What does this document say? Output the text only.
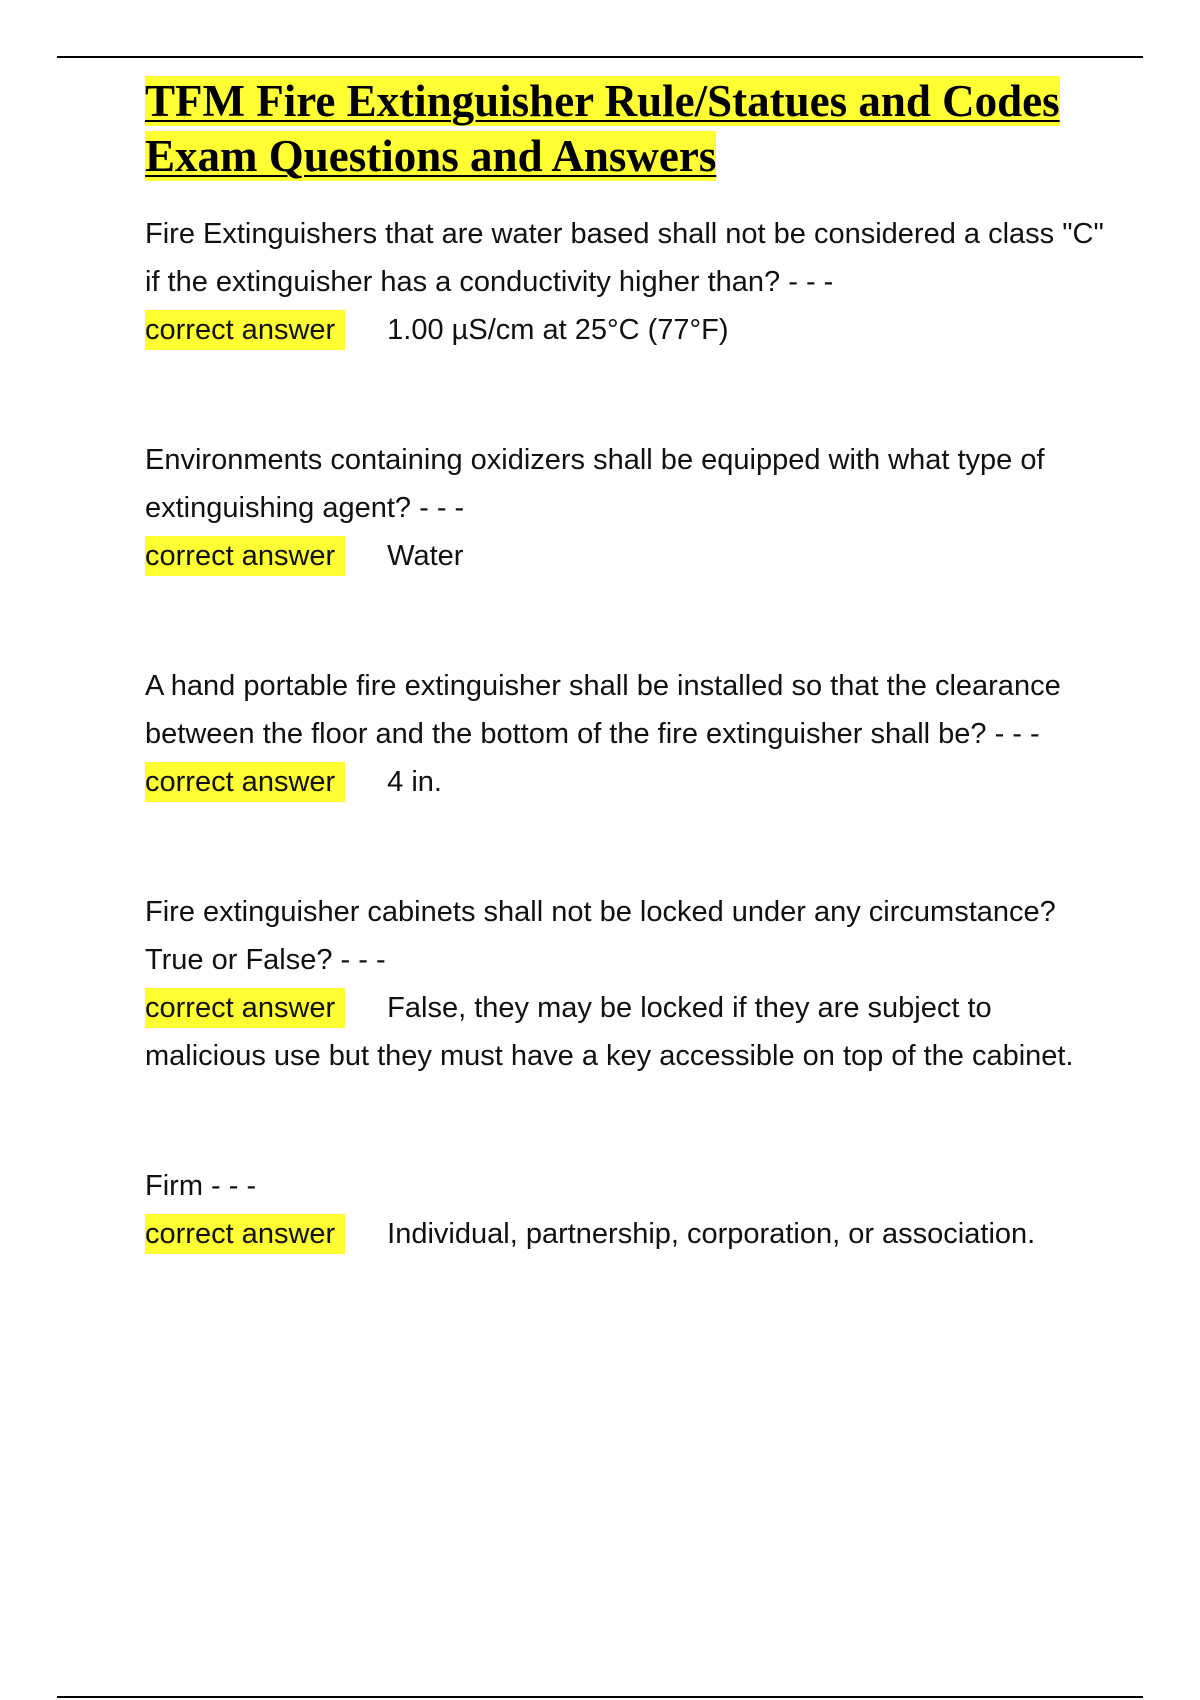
TFM Fire Extinguisher Rule/Statues and Codes Exam Questions and Answers
Fire Extinguishers that are water based shall not be considered a class "C" if the extinguisher has a conductivity higher than? - - -
correct answer 1.00 µS/cm at 25°C (77°F)
Environments containing oxidizers shall be equipped with what type of extinguishing agent? - - -
correct answer Water
A hand portable fire extinguisher shall be installed so that the clearance between the floor and the bottom of the fire extinguisher shall be? - - -
correct answer 4 in.
Fire extinguisher cabinets shall not be locked under any circumstance? True or False? - - -
correct answer False, they may be locked if they are subject to malicious use but they must have a key accessible on top of the cabinet.
Firm - - -
correct answer Individual, partnership, corporation, or association.
